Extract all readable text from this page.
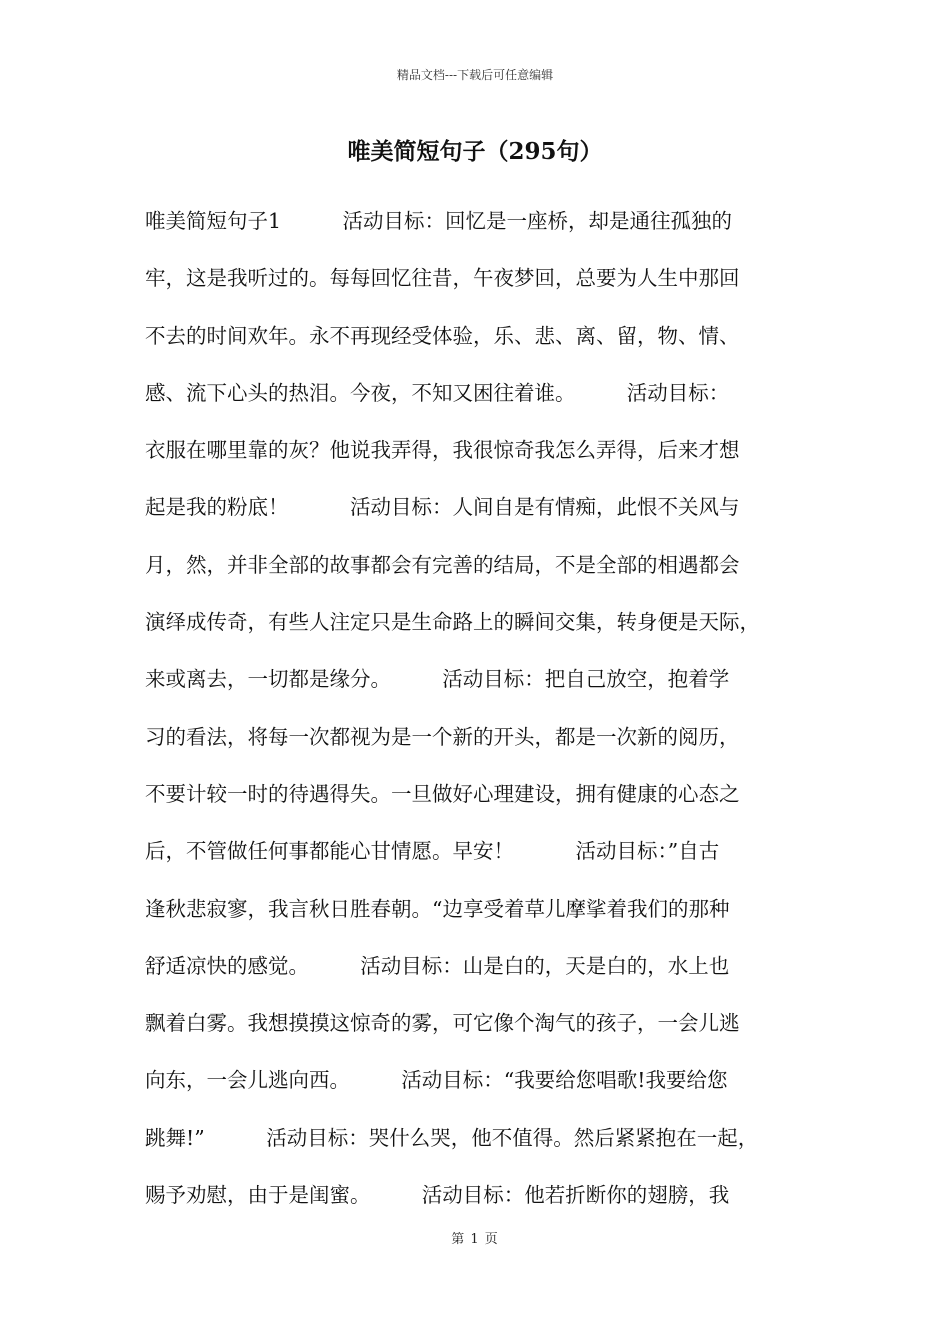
精品文档---下载后可任意编辑
唯美简短句子（295句）
唯美简短句子1　　　活动目标：回忆是一座桥，却是通往孤独的
牢，这是我听过的。每每回忆往昔，午夜梦回，总要为人生中那回
不去的时间欢年。永不再现经受体验，乐、悲、离、留，物、情、
感、流下心头的热泪。今夜，不知又困往着谁。　　　活动目标：
衣服在哪里靠的灰？他说我弄得，我很惊奇我怎么弄得，后来才想
起是我的粉底！　　　活动目标：人间自是有情痴，此恨不关风与
月，然，并非全部的故事都会有完善的结局，不是全部的相遇都会
演绎成传奇，有些人注定只是生命路上的瞬间交集，转身便是天际，
来或离去，一切都是缘分。　　　活动目标：把自己放空，抱着学
习的看法，将每一次都视为是一个新的开头，都是一次新的阅历，
不要计较一时的待遇得失。一旦做好心理建设，拥有健康的心态之
后，不管做任何事都能心甘情愿。早安！　　　活动目标：”自古
逢秋悲寂寥，我言秋日胜春朝。“边享受着草儿摩挲着我们的那种
舒适凉快的感觉。　　　活动目标：山是白的，天是白的，水上也
飘着白雾。我想摸摸这惊奇的雾，可它像个淘气的孩子，一会儿逃
向东，一会儿逃向西。　　　活动目标：“我要给您唱歌!我要给您
跳舞!”　　　活动目标：哭什么哭，他不值得。然后紧紧抱在一起，
赐予劝慰，由于是闺蜜。　　　活动目标：他若折断你的翅膀，我
第 1 页
